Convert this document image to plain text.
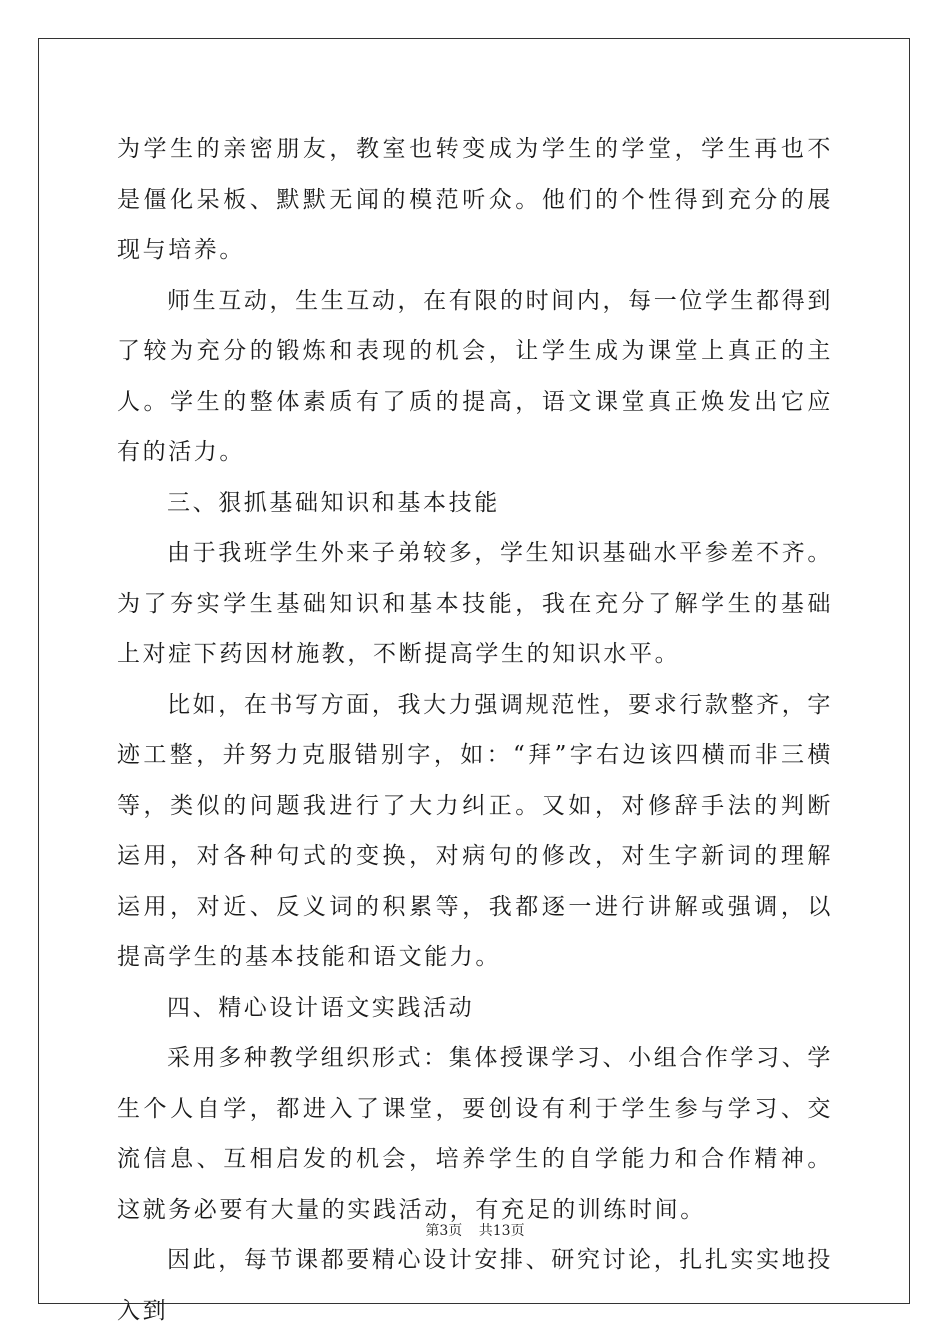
为学生的亲密朋友，教室也转变成为学生的学堂，学生再也不是僵化呆板、默默无闻的模范听众。他们的个性得到充分的展现与培养。

师生互动，生生互动，在有限的时间内，每一位学生都得到了较为充分的锻炼和表现的机会，让学生成为课堂上真正的主人。学生的整体素质有了质的提高，语文课堂真正焕发出它应有的活力。

三、狠抓基础知识和基本技能

由于我班学生外来子弟较多，学生知识基础水平参差不齐。为了夯实学生基础知识和基本技能，我在充分了解学生的基础上对症下药因材施教，不断提高学生的知识水平。

比如，在书写方面，我大力强调规范性，要求行款整齐，字迹工整，并努力克服错别字，如：“拜”字右边该四横而非三横等，类似的问题我进行了大力纠正。又如，对修辞手法的判断运用，对各种句式的变换，对病句的修改，对生字新词的理解运用，对近、反义词的积累等，我都逐一进行讲解或强调，以提高学生的基本技能和语文能力。

四、精心设计语文实践活动

采用多种教学组织形式：集体授课学习、小组合作学习、学生个人自学，都进入了课堂，要创设有利于学生参与学习、交流信息、互相启发的机会，培养学生的自学能力和合作精神。这就务必要有大量的实践活动，有充足的训练时间。

因此，每节课都要精心设计安排、研究讨论，扎扎实实地投入到

第3页 共13页
